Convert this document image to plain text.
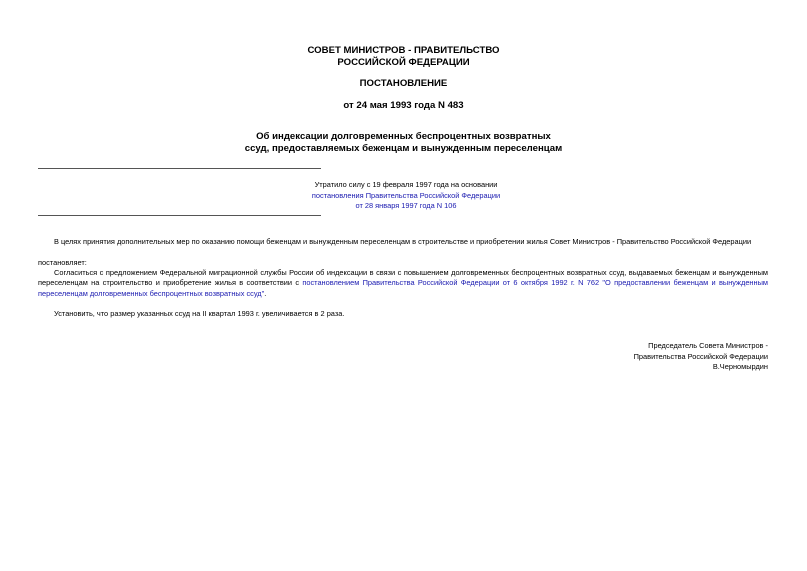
СОВЕТ МИНИСТРОВ - ПРАВИТЕЛЬСТВО
РОССИЙСКОЙ ФЕДЕРАЦИИ
ПОСТАНОВЛЕНИЕ
от 24 мая 1993 года N 483
Об индексации долговременных беспроцентных возвратных
ссуд, предоставляемых беженцам и вынужденным переселенцам
Утратило силу с 19 февраля 1997 года на основании
постановления Правительства Российской Федерации
от 28 января 1997 года N 106
В целях принятия дополнительных мер по оказанию помощи беженцам и вынужденным переселенцам в строительстве и приобретении жилья Совет Министров - Правительство Российской Федерации
постановляет:
Согласиться с предложением Федеральной миграционной службы России об индексации в связи с повышением долговременных беспроцентных возвратных ссуд, выдаваемых беженцам и вынужденным переселенцам на строительство и приобретение жилья в соответствии с постановлением Правительства Российской Федерации от 6 октября 1992 г. N 762 "О предоставлении беженцам и вынужденным переселенцам долговременных беспроцентных возвратных ссуд".
Установить, что размер указанных ссуд на II квартал 1993 г. увеличивается в 2 раза.
Председатель Совета Министров -
Правительства Российской Федерации
В.Черномырдин
